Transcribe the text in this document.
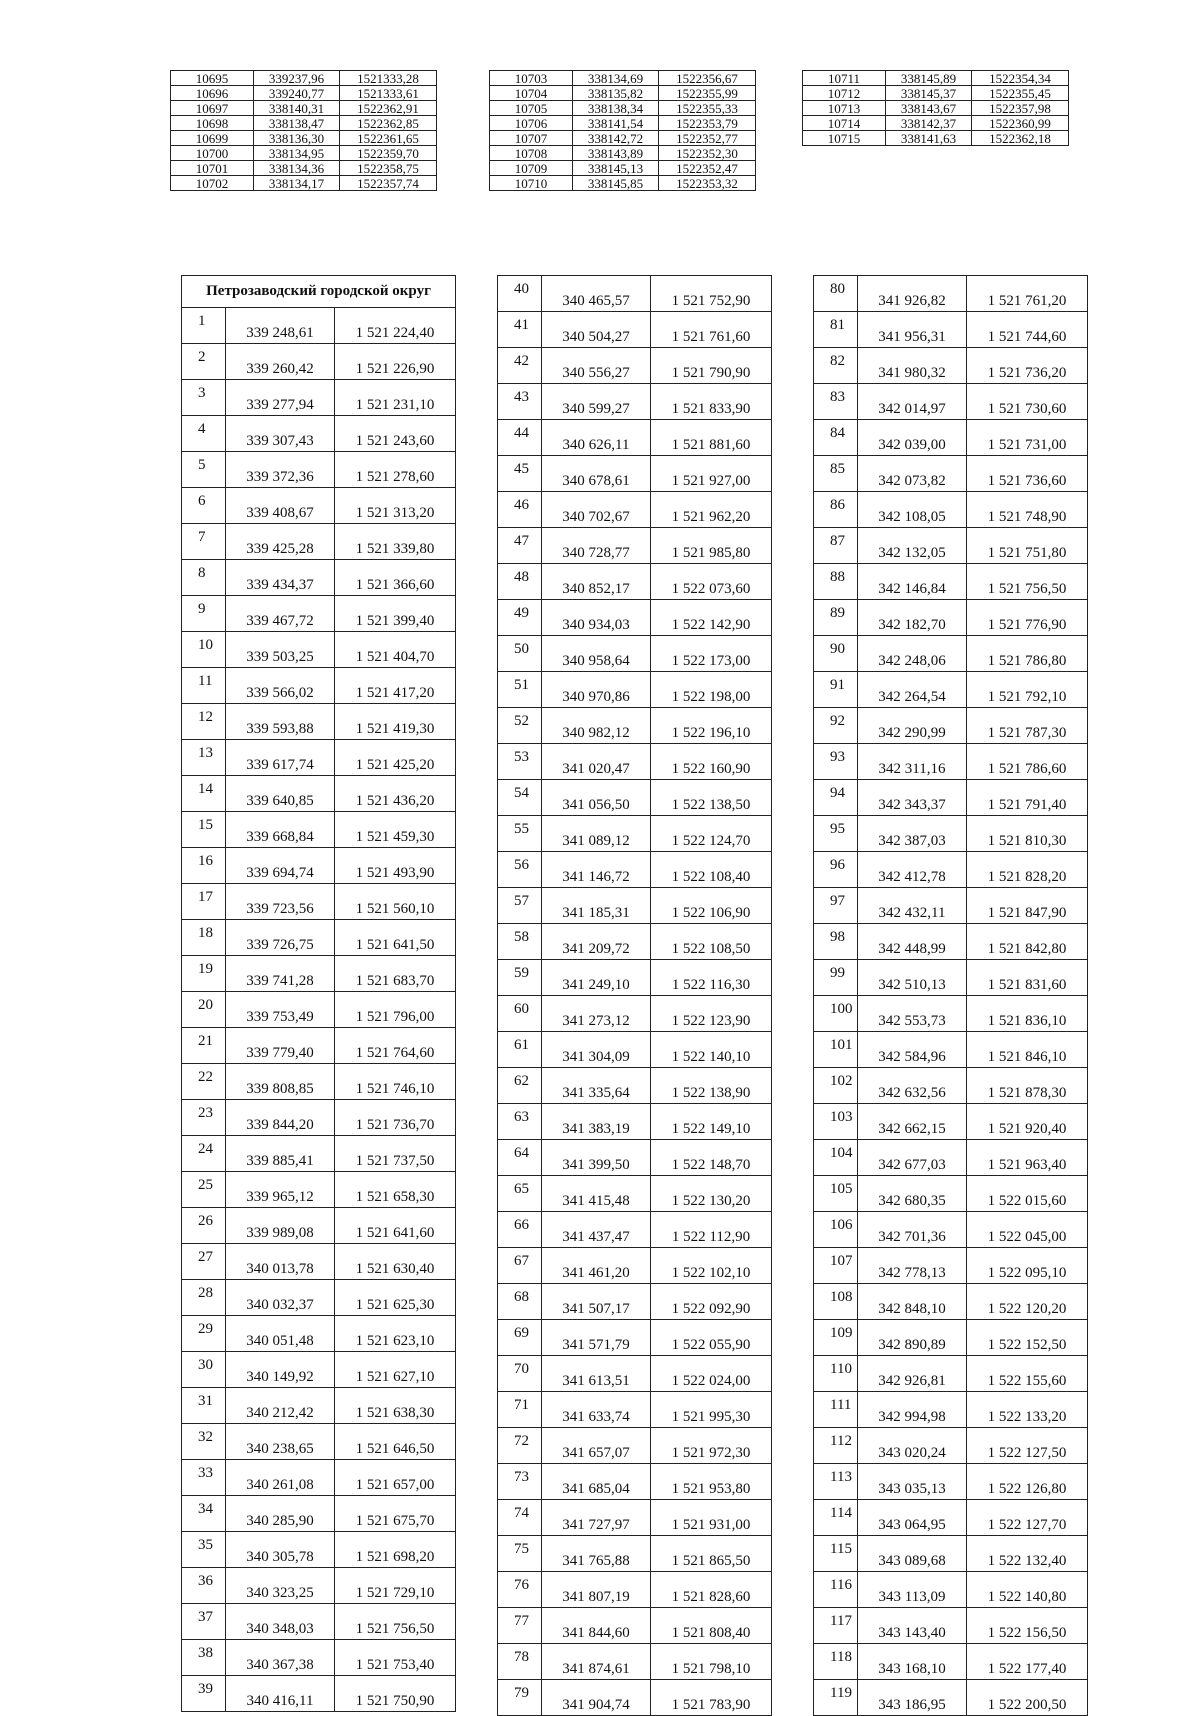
10695	339237,96	1521333,28
10696	339240,77	1521333,61
10697	338140,31	1522362,91
10698	338138,47	1522362,85
10699	338136,30	1522361,65
10700	338134,95	1522359,70
10701	338134,36	1522358,75
10702	338134,17	1522357,74
10703	338134,69	1522356,67
10704	338135,82	1522355,99
10705	338138,34	1522355,33
10706	338141,54	1522353,79
10707	338142,72	1522352,77
10708	338143,89	1522352,30
10709	338145,13	1522352,47
10710	338145,85	1522353,32
10711	338145,89	1522354,34
10712	338145,37	1522355,45
10713	338143,67	1522357,98
10714	338142,37	1522360,99
10715	338141,63	1522362,18
Петрозаводский городской округ		
1	339 248,61	1 521 224,40
2	339 260,42	1 521 226,90
3	339 277,94	1 521 231,10
4	339 307,43	1 521 243,60
5	339 372,36	1 521 278,60
6	339 408,67	1 521 313,20
7	339 425,28	1 521 339,80
8	339 434,37	1 521 366,60
9	339 467,72	1 521 399,40
10	339 503,25	1 521 404,70
11	339 566,02	1 521 417,20
12	339 593,88	1 521 419,30
13	339 617,74	1 521 425,20
14	339 640,85	1 521 436,20
15	339 668,84	1 521 459,30
16	339 694,74	1 521 493,90
17	339 723,56	1 521 560,10
18	339 726,75	1 521 641,50
19	339 741,28	1 521 683,70
20	339 753,49	1 521 796,00
21	339 779,40	1 521 764,60
22	339 808,85	1 521 746,10
23	339 844,20	1 521 736,70
24	339 885,41	1 521 737,50
25	339 965,12	1 521 658,30
26	339 989,08	1 521 641,60
27	340 013,78	1 521 630,40
28	340 032,37	1 521 625,30
29	340 051,48	1 521 623,10
30	340 149,92	1 521 627,10
31	340 212,42	1 521 638,30
32	340 238,65	1 521 646,50
33	340 261,08	1 521 657,00
34	340 285,90	1 521 675,70
35	340 305,78	1 521 698,20
36	340 323,25	1 521 729,10
37	340 348,03	1 521 756,50
38	340 367,38	1 521 753,40
39	340 416,11	1 521 750,90
40	340 465,57	1 521 752,90
41	340 504,27	1 521 761,60
42	340 556,27	1 521 790,90
43	340 599,27	1 521 833,90
44	340 626,11	1 521 881,60
45	340 678,61	1 521 927,00
46	340 702,67	1 521 962,20
47	340 728,77	1 521 985,80
48	340 852,17	1 522 073,60
49	340 934,03	1 522 142,90
50	340 958,64	1 522 173,00
51	340 970,86	1 522 198,00
52	340 982,12	1 522 196,10
53	341 020,47	1 522 160,90
54	341 056,50	1 522 138,50
55	341 089,12	1 522 124,70
56	341 146,72	1 522 108,40
57	341 185,31	1 522 106,90
58	341 209,72	1 522 108,50
59	341 249,10	1 522 116,30
60	341 273,12	1 522 123,90
61	341 304,09	1 522 140,10
62	341 335,64	1 522 138,90
63	341 383,19	1 522 149,10
64	341 399,50	1 522 148,70
65	341 415,48	1 522 130,20
66	341 437,47	1 522 112,90
67	341 461,20	1 522 102,10
68	341 507,17	1 522 092,90
69	341 571,79	1 522 055,90
70	341 613,51	1 522 024,00
71	341 633,74	1 521 995,30
72	341 657,07	1 521 972,30
73	341 685,04	1 521 953,80
74	341 727,97	1 521 931,00
75	341 765,88	1 521 865,50
76	341 807,19	1 521 828,60
77	341 844,60	1 521 808,40
78	341 874,61	1 521 798,10
79	341 904,74	1 521 783,90
80	341 926,82	1 521 761,20
81	341 956,31	1 521 744,60
82	341 980,32	1 521 736,20
83	342 014,97	1 521 730,60
84	342 039,00	1 521 731,00
85	342 073,82	1 521 736,60
86	342 108,05	1 521 748,90
87	342 132,05	1 521 751,80
88	342 146,84	1 521 756,50
89	342 182,70	1 521 776,90
90	342 248,06	1 521 786,80
91	342 264,54	1 521 792,10
92	342 290,99	1 521 787,30
93	342 311,16	1 521 786,60
94	342 343,37	1 521 791,40
95	342 387,03	1 521 810,30
96	342 412,78	1 521 828,20
97	342 432,11	1 521 847,90
98	342 448,99	1 521 842,80
99	342 510,13	1 521 831,60
100	342 553,73	1 521 836,10
101	342 584,96	1 521 846,10
102	342 632,56	1 521 878,30
103	342 662,15	1 521 920,40
104	342 677,03	1 521 963,40
105	342 680,35	1 522 015,60
106	342 701,36	1 522 045,00
107	342 778,13	1 522 095,10
108	342 848,10	1 522 120,20
109	342 890,89	1 522 152,50
110	342 926,81	1 522 155,60
111	342 994,98	1 522 133,20
112	343 020,24	1 522 127,50
113	343 035,13	1 522 126,80
114	343 064,95	1 522 127,70
115	343 089,68	1 522 132,40
116	343 113,09	1 522 140,80
117	343 143,40	1 522 156,50
118	343 168,10	1 522 177,40
119	343 186,95	1 522 200,50
